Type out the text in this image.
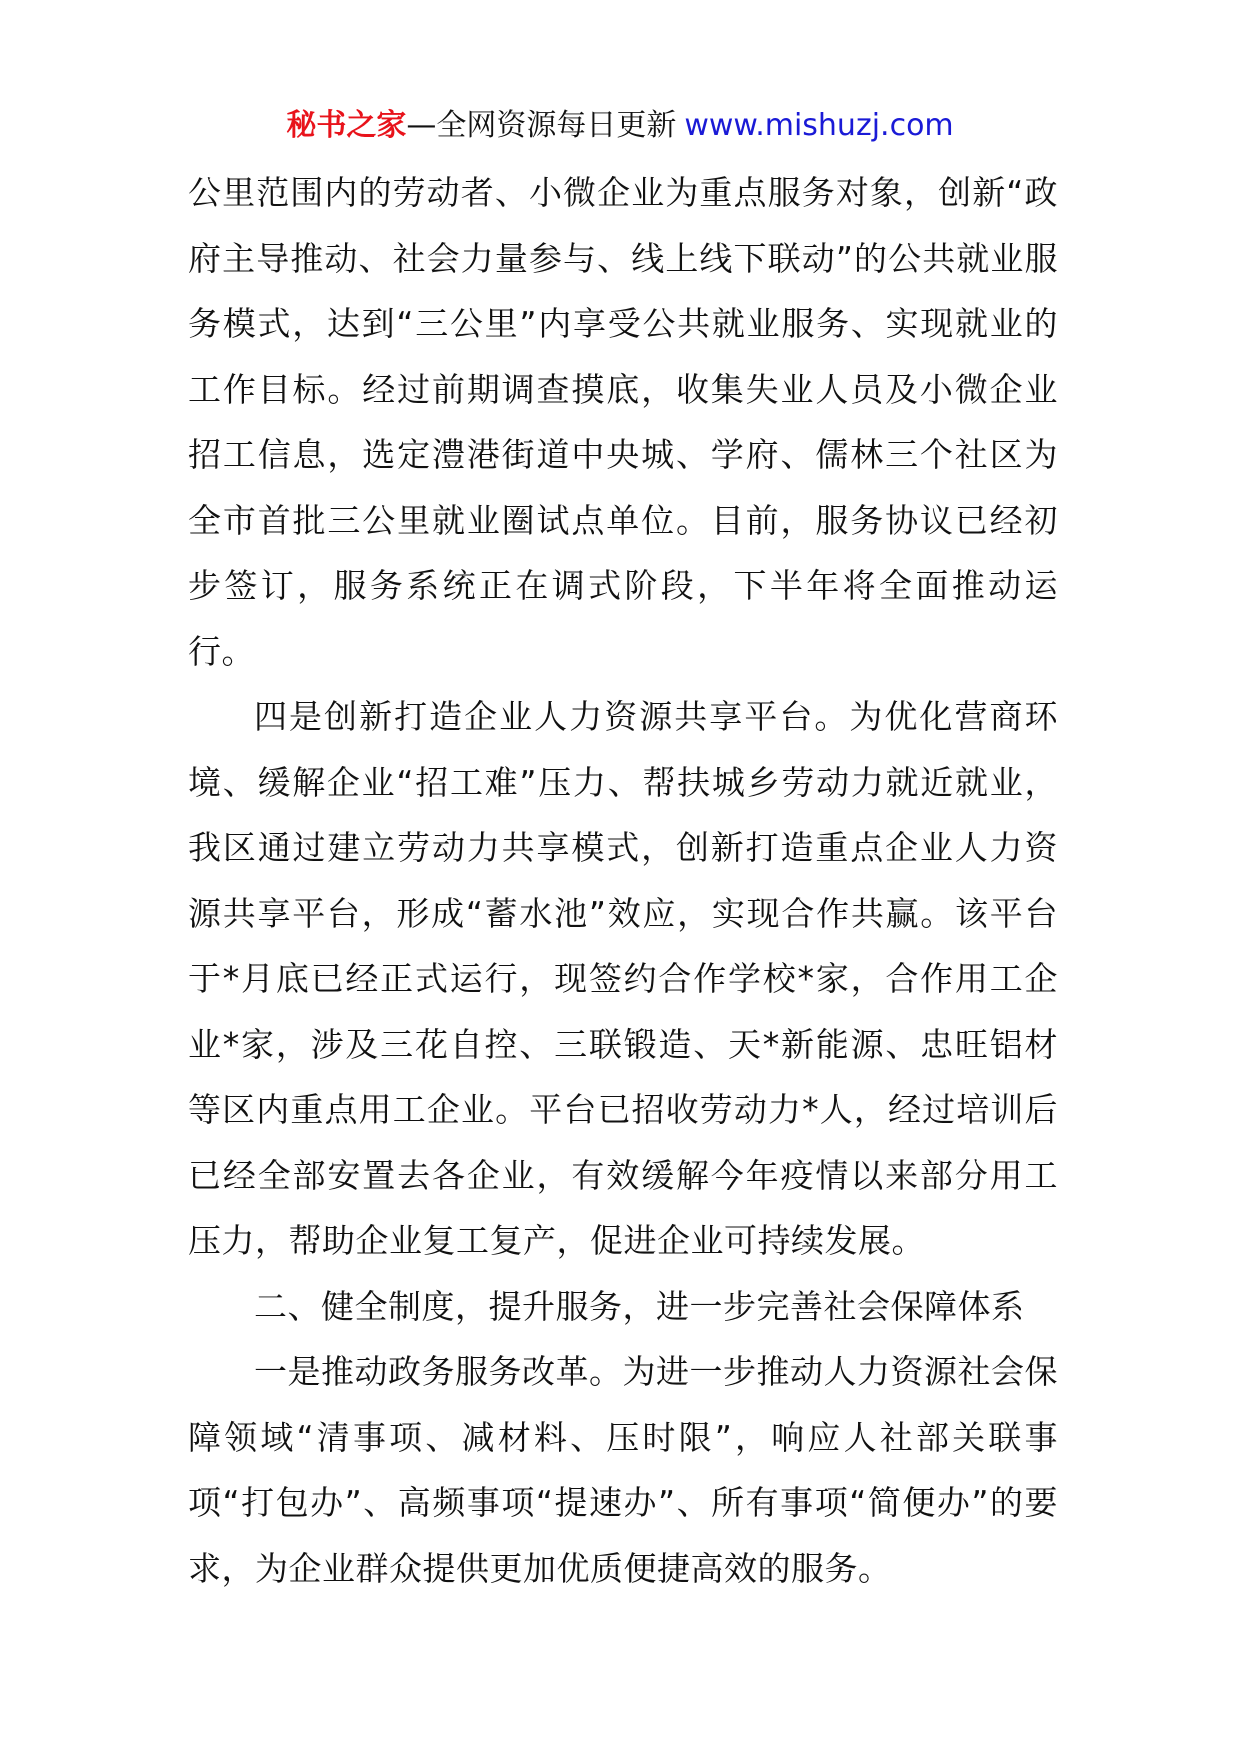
秘书之家—全网资源每日更新 www.mishuzj.com

公里范围内的劳动者、小微企业为重点服务对象，创新“政府主导推动、社会力量参与、线上线下联动”的公共就业服务模式，达到“三公里”内享受公共就业服务、实现就业的工作目标。经过前期调查摸底，收集失业人员及小微企业招工信息，选定澧港街道中央城、学府、儒林三个社区为全市首批三公里就业圈试点单位。目前，服务协议已经初步签订，服务系统正在调式阶段，下半年将全面推动运行。

四是创新打造企业人力资源共享平台。为优化营商环境、缓解企业“招工难”压力、帮扶城乡劳动力就近就业，我区通过建立劳动力共享模式，创新打造重点企业人力资源共享平台，形成“蓄水池”效应，实现合作共赢。该平台于*月底已经正式运行，现签约合作学校*家，合作用工企业*家，涉及三花自控、三联锻造、天*新能源、忠旺铝材等区内重点用工企业。平台已招收劳动力*人，经过培训后已经全部安置去各企业，有效缓解今年疫情以来部分用工压力，帮助企业复工复产，促进企业可持续发展。

二、健全制度，提升服务，进一步完善社会保障体系

一是推动政务服务改革。为进一步推动人力资源社会保障领域“清事项、减材料、压时限”，响应人社部关联事项“打包办”、高频事项“提速办”、所有事项“简便办”的要求，为企业群众提供更加优质便捷高效的服务。
